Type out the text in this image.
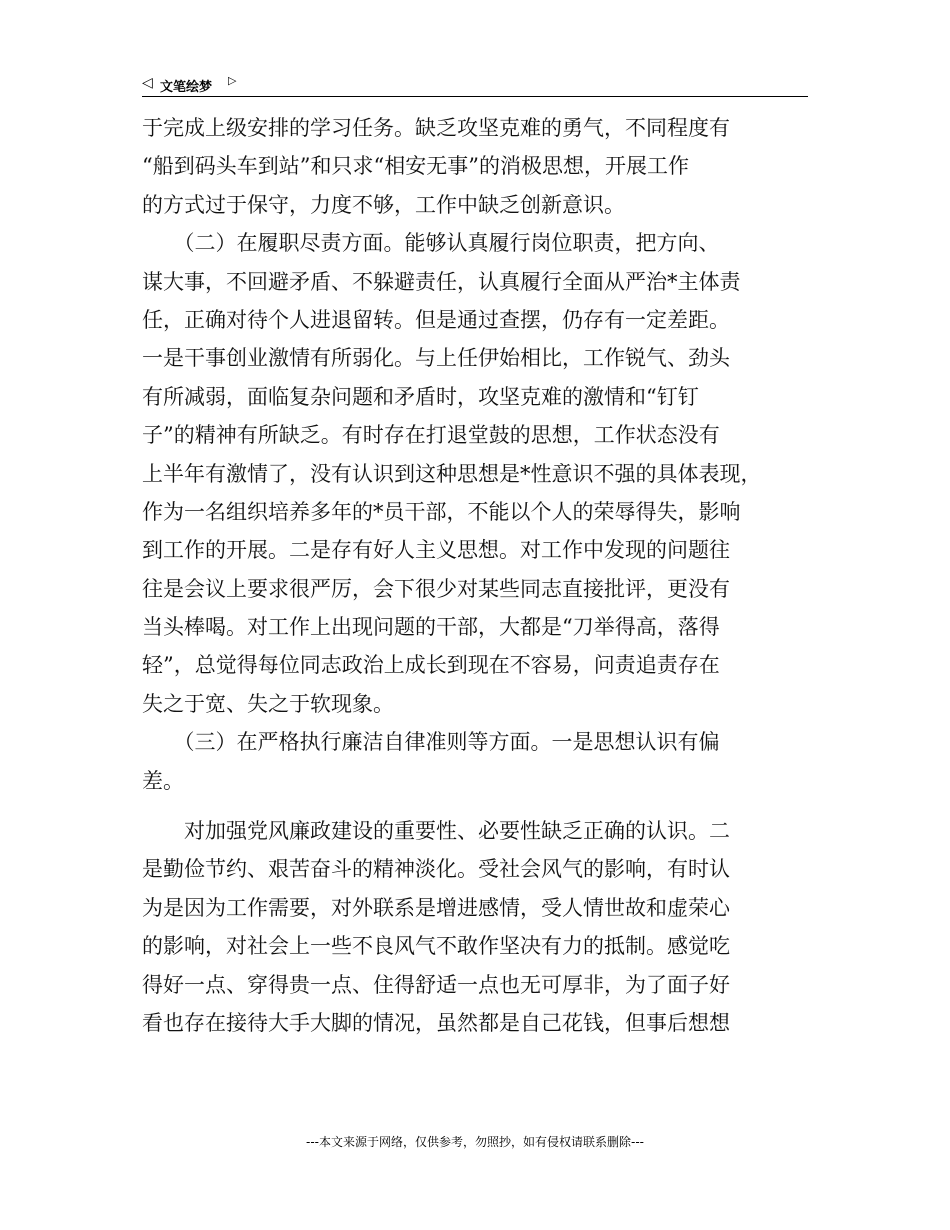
◁ 文笔绘梦 ▷
于完成上级安排的学习任务。缺乏攻坚克难的勇气，不同程度有
“船到码头车到站”和只求“相安无事”的消极思想，开展工作
的方式过于保守，力度不够，工作中缺乏创新意识。
　　（二）在履职尽责方面。能够认真履行岗位职责，把方向、
谋大事，不回避矛盾、不躲避责任，认真履行全面从严治*主体责
任，正确对待个人进退留转。但是通过查摆，仍存有一定差距。
一是干事创业激情有所弱化。与上任伊始相比，工作锐气、劲头
有所减弱，面临复杂问题和矛盾时，攻坚克难的激情和“钉钉
子”的精神有所缺乏。有时存在打退堂鼓的思想，工作状态没有
上半年有激情了，没有认识到这种思想是*性意识不强的具体表现，
作为一名组织培养多年的*员干部，不能以个人的荣辱得失，影响
到工作的开展。二是存有好人主义思想。对工作中发现的问题往
往是会议上要求很严厉，会下很少对某些同志直接批评，更没有
当头棒喝。对工作上出现问题的干部，大都是“刀举得高，落得
轻”，总觉得每位同志政治上成长到现在不容易，问责追责存在
失之于宽、失之于软现象。
　　（三）在严格执行廉洁自律准则等方面。一是思想认识有偏
差。
　　对加强党风廉政建设的重要性、必要性缺乏正确的认识。二
是勤俭节约、艰苦奋斗的精神淡化。受社会风气的影响，有时认
为是因为工作需要，对外联系是增进感情，受人情世故和虚荣心
的影响，对社会上一些不良风气不敢作坚决有力的抵制。感觉吃
得好一点、穿得贵一点、住得舒适一点也无可厚非，为了面子好
看也存在接待大手大脚的情况，虽然都是自己花钱，但事后想想
---本文来源于网络，仅供参考，勿照抄，如有侵权请联系删除---
